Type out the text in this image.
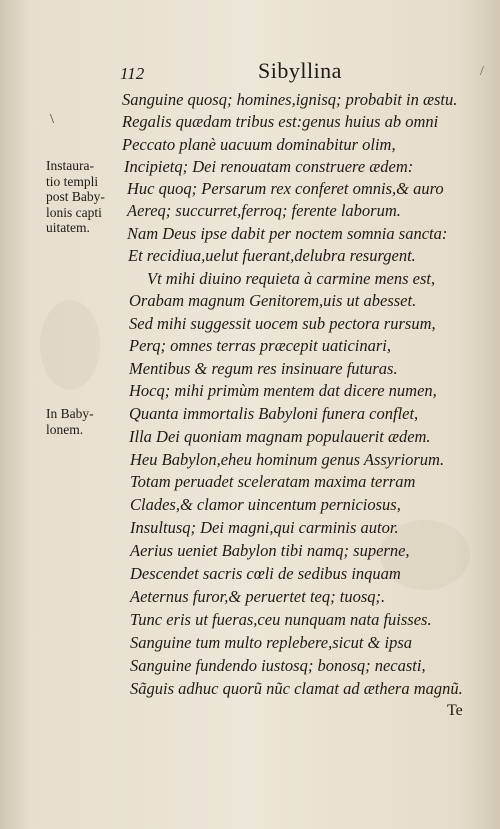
112	Sibyllina	/
\
Instaura-
tio templi
post Baby-
lonis capti
uitatem.
In Baby-
lonem.
Sanguine quosq; homines,ignisq; probabit in æstu.
Regalis quædam tribus est:genus huius ab omni
Peccato planè uacuum dominabitur olim,
Incipietq; Dei renouatam construere ædem:
Huc quoq; Persarum rex conferet omnis,& auro
Aereq; succurret,ferroq; ferente laborum.
Nam Deus ipse dabit per noctem somnia sancta:
Et recidiua,uelut fuerant,delubra resurgent.
Vt mihi diuino requieta à carmine mens est,
Orabam magnum Genitorem,uis ut abesset.
Sed mihi suggessit uocem sub pectora rursum,
Perq; omnes terras præcepit uaticinari,
Mentibus & regum res insinuare futuras.
Hocq; mihi primùm mentem dat dicere numen,
Quanta immortalis Babyloni funera conflet,
Illa Dei quoniam magnam populauerit ædem.
Heu Babylon,eheu hominum genus Assyriorum.
Totam peruadet sceleratam maxima terram
Clades,& clamor uincentum perniciosus,
Insultusq; Dei magni,qui carminis autor.
Aerius ueniet Babylon tibi namq; superne,
Descendet sacris cœli de sedibus inquam
Aeternus furor,& peruertet teq; tuosq;.
Tunc eris ut fueras,ceu nunquam nata fuisses.
Sanguine tum multo replebere,sicut & ipsa
Sanguine fundendo iustosq; bonosq; necasti,
Sãguis adhuc quorũ nũc clamat ad æthera magnũ.
Te
